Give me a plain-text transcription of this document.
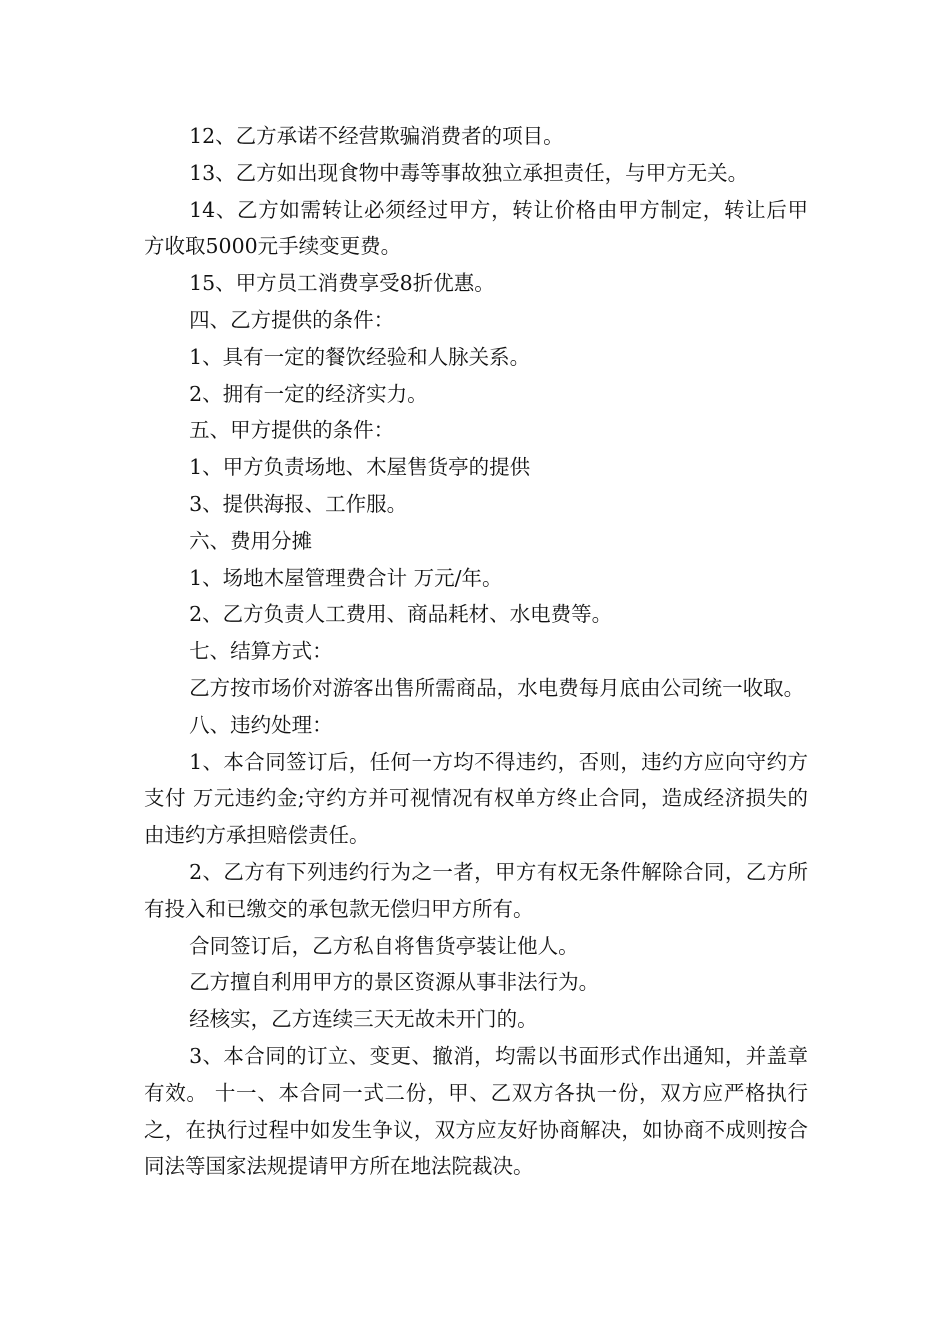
12、乙方承诺不经营欺骗消费者的项目。

13、乙方如出现食物中毒等事故独立承担责任，与甲方无关。

14、乙方如需转让必须经过甲方，转让价格由甲方制定，转让后甲方收取5000元手续变更费。

15、甲方员工消费享受8折优惠。

四、乙方提供的条件：

1、具有一定的餐饮经验和人脉关系。

2、拥有一定的经济实力。

五、甲方提供的条件：

1、甲方负责场地、木屋售货亭的提供

3、提供海报、工作服。

六、费用分摊

1、场地木屋管理费合计 万元/年。

2、乙方负责人工费用、商品耗材、水电费等。

七、结算方式：

乙方按市场价对游客出售所需商品，水电费每月底由公司统一收取。

八、违约处理：

1、本合同签订后，任何一方均不得违约，否则，违约方应向守约方支付 万元违约金;守约方并可视情况有权单方终止合同，造成经济损失的由违约方承担赔偿责任。

2、乙方有下列违约行为之一者，甲方有权无条件解除合同，乙方所有投入和已缴交的承包款无偿归甲方所有。

合同签订后，乙方私自将售货亭装让他人。

乙方擅自利用甲方的景区资源从事非法行为。

经核实，乙方连续三天无故未开门的。

3、本合同的订立、变更、撤消，均需以书面形式作出通知，并盖章有效。 十一、本合同一式二份，甲、乙双方各执一份，双方应严格执行之，在执行过程中如发生争议，双方应友好协商解决，如协商不成则按合同法等国家法规提请甲方所在地法院裁决。
